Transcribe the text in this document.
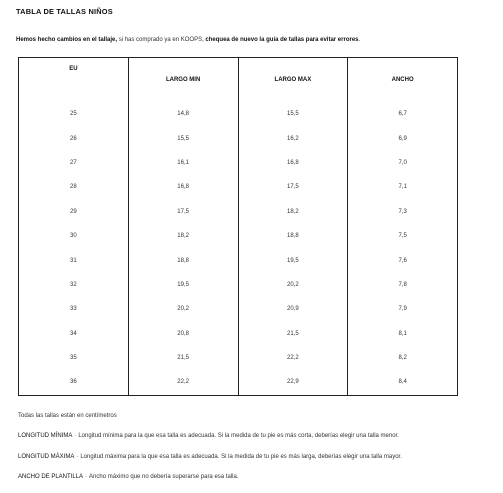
TABLA DE TALLAS NIÑOS
Hemos hecho cambios en el tallaje, si has comprado ya en KOOPS, chequea de nuevo la guía de tallas para evitar errores.
EU	LARGO MIN	LARGO MAX	ANCHO
25	14,8	15,5	6,7
26	15,5	16,2	6,9
27	16,1	16,8	7,0
28	16,8	17,5	7,1
29	17,5	18,2	7,3
30	18,2	18,8	7,5
31	18,8	19,5	7,6
32	19,5	20,2	7,8
33	20,2	20,9	7,9
34	20,8	21,5	8,1
35	21,5	22,2	8,2
36	22,2	22,9	8,4
Todas las tallas están en centímetros
LONGITUD MÍNIMA - Longitud mínima para la que esa talla es adecuada. Si la medida de tu pie es más corta, deberías elegir una talla menor.
LONGITUD MÁXIMA - Longitud máxima para la que esa talla es adecuada. Si la medida de tu pie es más larga, deberías elegir una talla mayor.
ANCHO DE PLANTILLA - Ancho máximo que no debería superarse para esa talla.
